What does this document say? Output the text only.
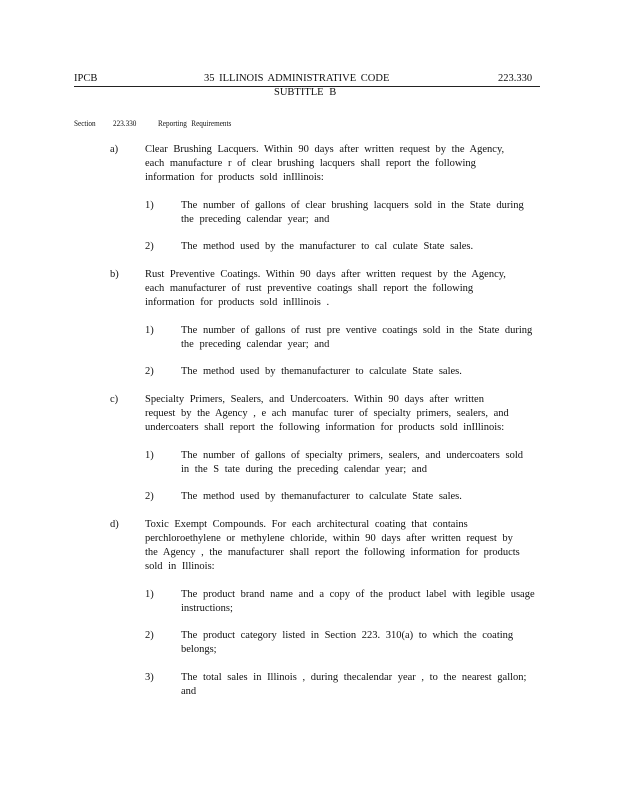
IPCB	35 ILLINOIS ADMINISTRATIVE CODE	223.330
SUBTITLE B
Section 223.330	Reporting Requirements
a)	Clear Brushing Lacquers. Within 90 days after written request by the Agency,
each manufacture r of clear brushing lacquers shall report the following
information for products sold inIllinois:
1)	The number of gallons of clear brushing lacquers sold in the State during
the preceding calendar year; and
2)	The method used by the manufacturer to cal culate State sales.
b)	Rust Preventive Coatings. Within 90 days after written request by the Agency,
each manufacturer of rust preventive coatings shall report the following
information for products sold inIllinois .
1)	The number of gallons of rust pre ventive coatings sold in the State during
the preceding calendar year; and
2)	The method used by themanufacturer to calculate State sales.
c)	Specialty Primers, Sealers, and Undercoaters. Within 90 days after written
request by the Agency , e ach manufac turer of specialty primers, sealers, and
undercoaters shall report the following information for products sold inIllinois:
1)	The number of gallons of specialty primers, sealers, and undercoaters sold
in the S tate during the preceding calendar year; and
2)	The method used by themanufacturer to calculate State sales.
d)	Toxic Exempt Compounds. For each architectural coating that contains
perchloroethylene or methylene chloride, within 90 days after written request by
the Agency , the manufacturer shall report the following information for products
sold in Illinois:
1)	The product brand name and a copy of the product label with legible usage
instructions;
2)	The product category listed in Section 223. 310(a) to which the coating
belongs;
3)	The total sales in Illinois , during thecalendar year , to the nearest gallon;
and
